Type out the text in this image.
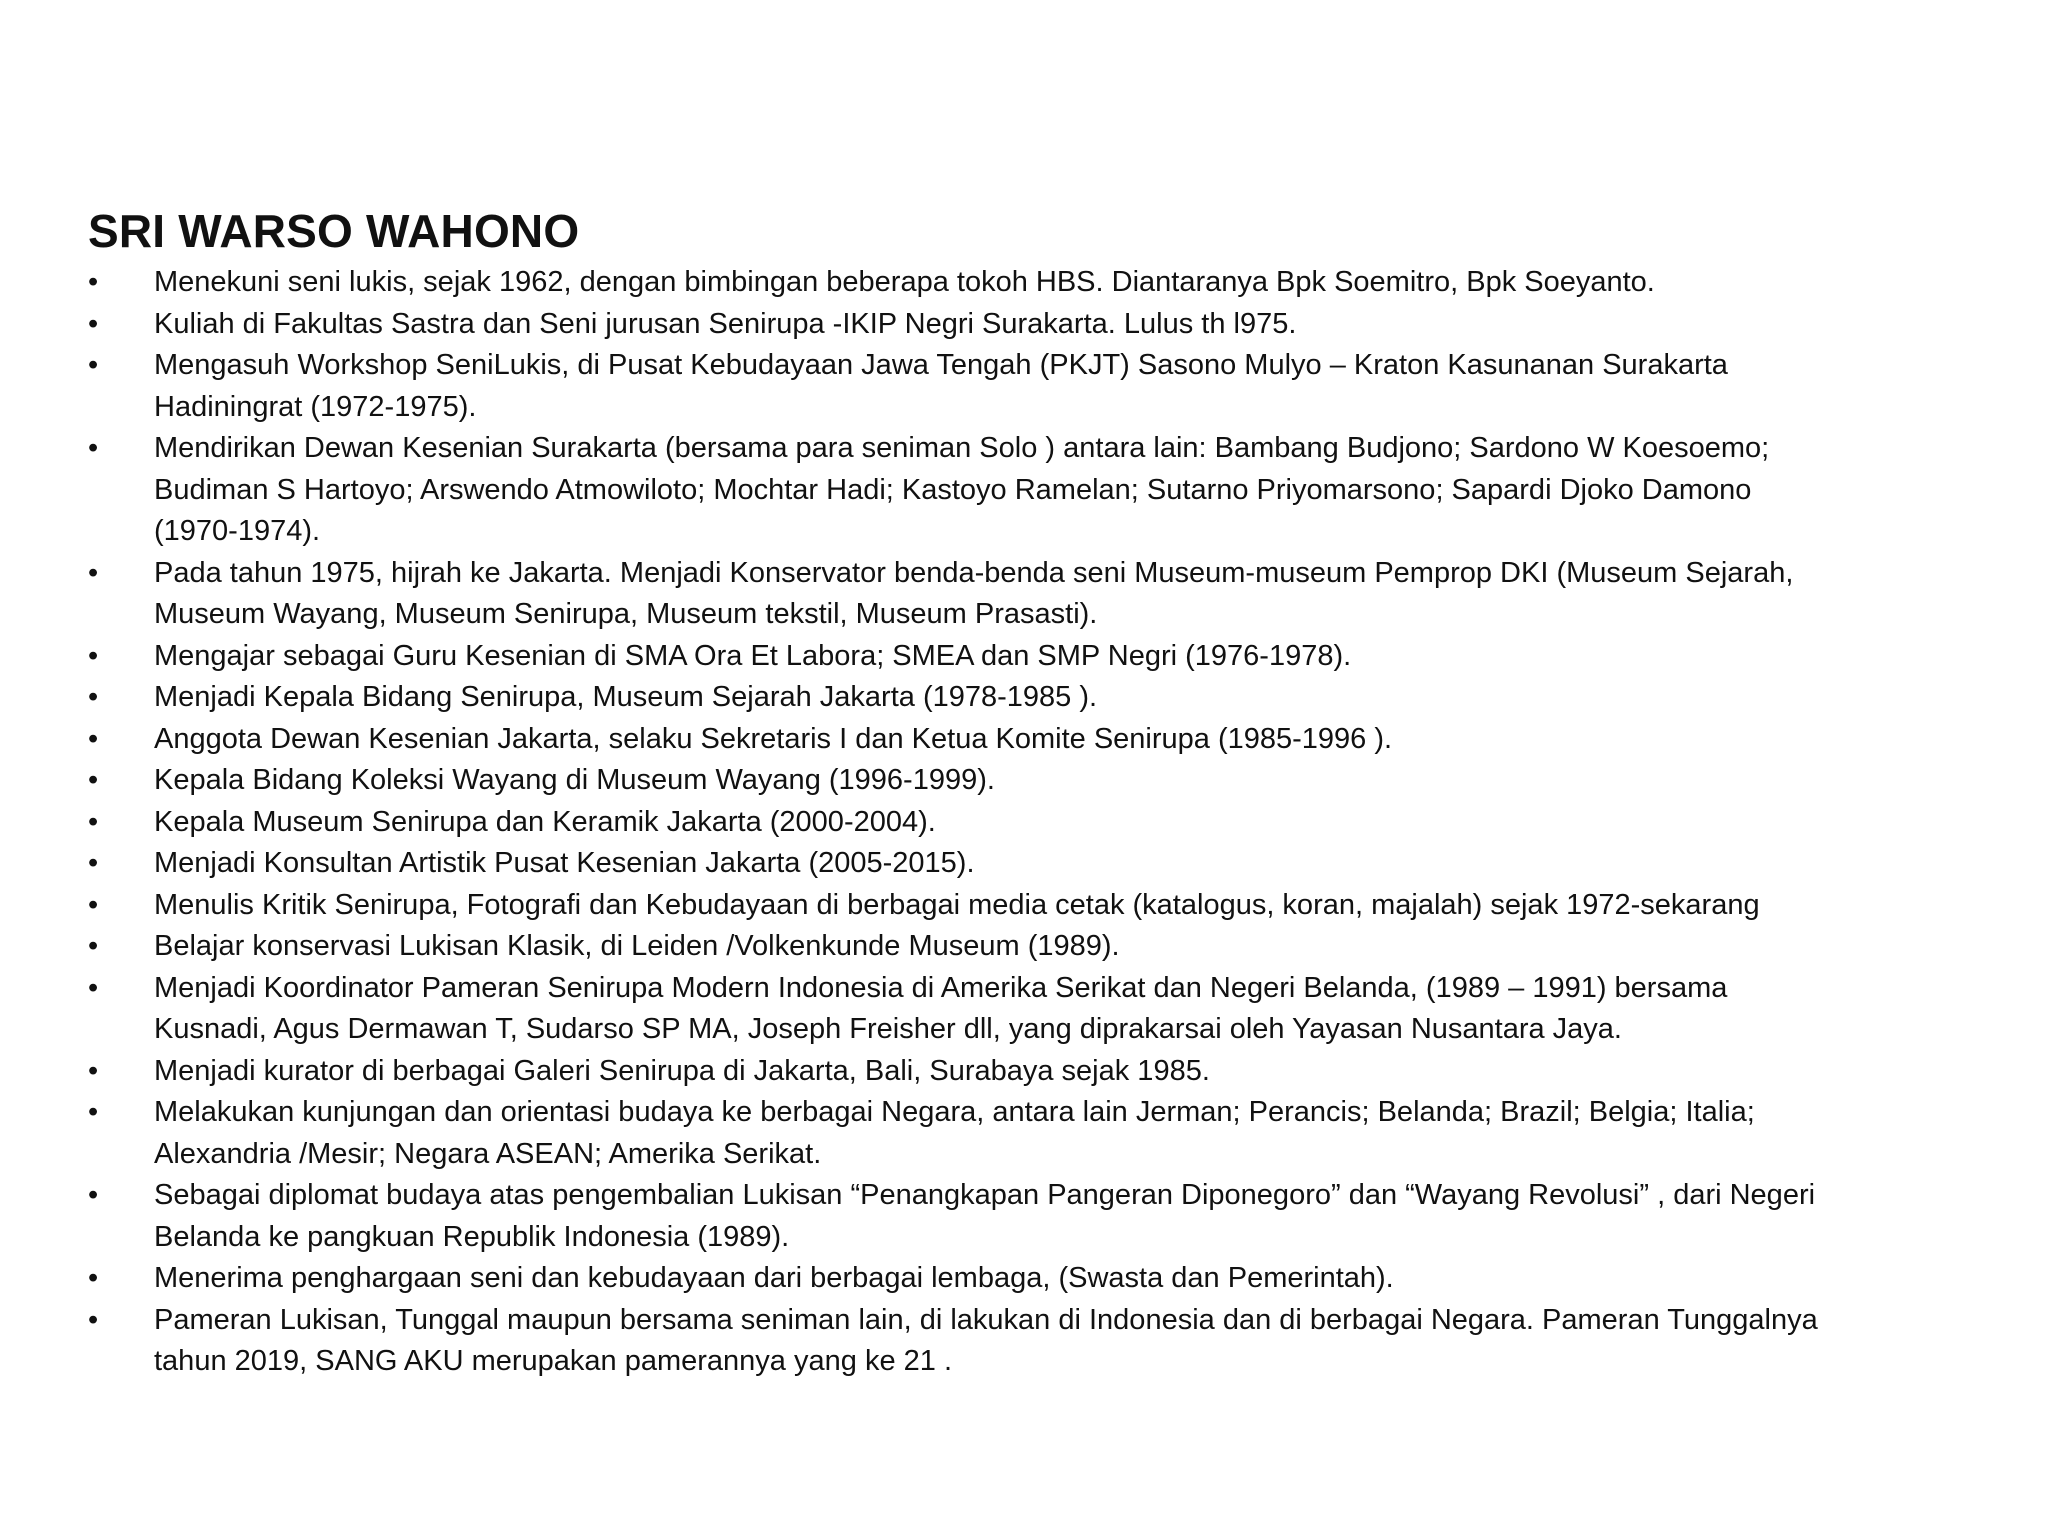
SRI WARSO WAHONO
•	Menekuni seni lukis, sejak 1962, dengan bimbingan beberapa tokoh HBS. Diantaranya Bpk Soemitro, Bpk Soeyanto.
•	Kuliah di Fakultas Sastra dan Seni jurusan Senirupa -IKIP Negri Surakarta. Lulus th l975.
•	Mengasuh Workshop SeniLukis, di Pusat Kebudayaan Jawa Tengah (PKJT) Sasono Mulyo – Kraton Kasunanan Surakarta
Hadiningrat (1972-1975).
•	Mendirikan Dewan Kesenian Surakarta (bersama para seniman Solo ) antara lain: Bambang Budjono; Sardono W Koesoemo;
Budiman S Hartoyo; Arswendo Atmowiloto; Mochtar Hadi; Kastoyo Ramelan; Sutarno Priyomarsono; Sapardi Djoko Damono
(1970-1974).
•	Pada tahun 1975, hijrah ke Jakarta. Menjadi Konservator benda-benda seni Museum-museum Pemprop DKI (Museum Sejarah,
Museum Wayang, Museum Senirupa, Museum tekstil, Museum Prasasti).
•	Mengajar sebagai Guru Kesenian di SMA Ora Et Labora; SMEA dan SMP Negri (1976-1978).
•	Menjadi Kepala Bidang Senirupa, Museum Sejarah Jakarta (1978-1985 ).
•	Anggota Dewan Kesenian Jakarta, selaku Sekretaris I dan Ketua Komite Senirupa (1985-1996 ).
•	Kepala Bidang Koleksi Wayang di Museum Wayang (1996-1999).
•	Kepala Museum Senirupa dan Keramik Jakarta (2000-2004).
•	Menjadi Konsultan Artistik Pusat Kesenian Jakarta (2005-2015).
•	Menulis Kritik Senirupa, Fotografi dan Kebudayaan di berbagai media cetak (katalogus, koran, majalah) sejak 1972-sekarang
•	Belajar konservasi Lukisan Klasik, di Leiden /Volkenkunde Museum (1989).
•	Menjadi Koordinator Pameran Senirupa Modern Indonesia di Amerika Serikat dan Negeri Belanda, (1989 – 1991) bersama
Kusnadi, Agus Dermawan T, Sudarso SP MA, Joseph Freisher dll, yang diprakarsai oleh Yayasan Nusantara Jaya.
•	Menjadi kurator di berbagai Galeri Senirupa di Jakarta, Bali, Surabaya sejak 1985.
•	Melakukan kunjungan dan orientasi budaya ke berbagai Negara, antara lain Jerman; Perancis; Belanda; Brazil; Belgia; Italia;
Alexandria /Mesir; Negara ASEAN; Amerika Serikat.
•	Sebagai diplomat budaya atas pengembalian Lukisan “Penangkapan Pangeran Diponegoro” dan “Wayang Revolusi” , dari Negeri
Belanda ke pangkuan Republik Indonesia (1989).
•	Menerima penghargaan seni dan kebudayaan dari berbagai lembaga, (Swasta dan Pemerintah).
•	Pameran Lukisan, Tunggal maupun bersama seniman lain, di lakukan di Indonesia dan di berbagai Negara. Pameran Tunggalnya
tahun 2019, SANG AKU merupakan pamerannya yang ke 21 .
